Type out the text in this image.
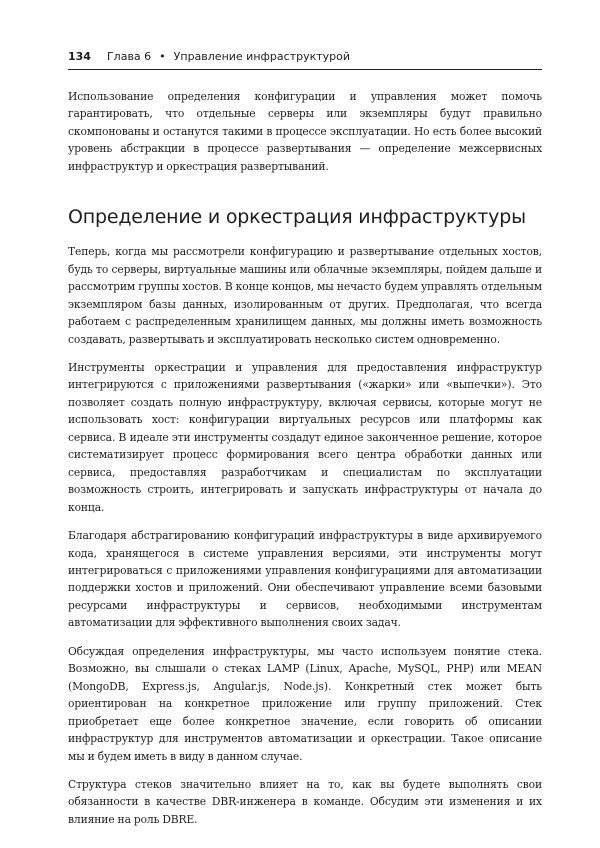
134 Глава 6 • Управление инфраструктурой

Использование определения конфигурации и управления может помочь гарантировать, что отдельные серверы или экземпляры будут правильно скомпонованы и останутся такими в процессе эксплуатации. Но есть более высокий уровень абстракции в процессе развертывания — определение межсервисных инфраструктур и оркестрация развертываний.

Определение и оркестрация инфраструктуры

Теперь, когда мы рассмотрели конфигурацию и развертывание отдельных хостов, будь то серверы, виртуальные машины или облачные экземпляры, пойдем дальше и рассмотрим группы хостов. В конце концов, мы нечасто будем управлять отдельным экземпляром базы данных, изолированным от других. Предполагая, что всегда работаем с распределенным хранилищем данных, мы должны иметь возможность создавать, развертывать и эксплуатировать несколько систем одновременно.

Инструменты оркестрации и управления для предоставления инфраструктур интегрируются с приложениями развертывания («жарки» или «выпечки»). Это позволяет создать полную инфраструктуру, включая сервисы, которые могут не использовать хост: конфигурации виртуальных ресурсов или платформы как сервиса. В идеале эти инструменты создадут единое законченное решение, которое систематизирует процесс формирования всего центра обработки данных или сервиса, предоставляя разработчикам и специалистам по эксплуатации возможность строить, интегрировать и запускать инфраструктуры от начала до конца.

Благодаря абстрагированию конфигураций инфраструктуры в виде архивируемого кода, хранящегося в системе управления версиями, эти инструменты могут интегрироваться с приложениями управления конфигурациями для автоматизации поддержки хостов и приложений. Они обеспечивают управление всеми базовыми ресурсами инфраструктуры и сервисов, необходимыми инструментам автоматизации для эффективного выполнения своих задач.

Обсуждая определения инфраструктуры, мы часто используем понятие стека. Возможно, вы слышали о стеках LAMP (Linux, Apache, MySQL, PHP) или MEAN (MongoDB, Express.js, Angular.js, Node.js). Конкретный стек может быть ориентирован на конкретное приложение или группу приложений. Стек приобретает еще более конкретное значение, если говорить об описании инфраструктур для инструментов автоматизации и оркестрации. Такое описание мы и будем иметь в виду в данном случае.

Структура стеков значительно влияет на то, как вы будете выполнять свои обязанности в качестве DBR-инженера в команде. Обсудим эти изменения и их влияние на роль DBRE.
